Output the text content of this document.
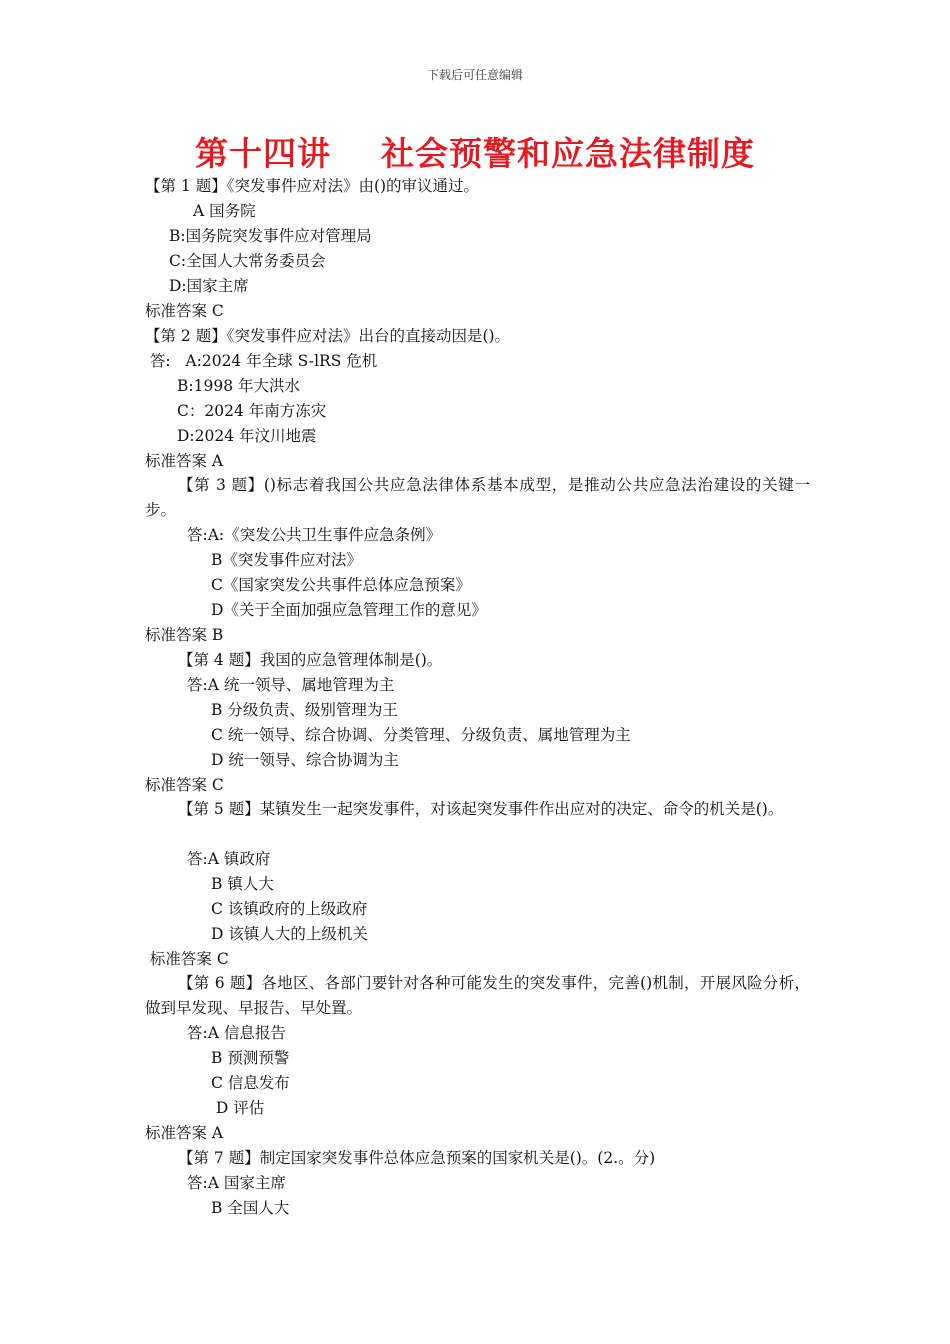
下载后可任意编辑
第十四讲    社会预警和应急法律制度
【第 1 题】《突发事件应对法》由()的审议通过。
A 国务院
B:国务院突发事件应对管理局
C:全国人大常务委员会
D:国家主席
标准答案 C
【第 2 题】《突发事件应对法》出台的直接动因是()。
答:   A:2024 年全球 S-lRS 危机
B:1998 年大洪水
C：2024 年南方冻灾
D:2024 年汶川地震
标准答案 A
【第 3 题】()标志着我国公共应急法律体系基本成型，是推动公共应急法治建设的关键一步。
答:A:《突发公共卫生事件应急条例》
B《突发事件应对法》
C《国家突发公共事件总体应急预案》
D《关于全面加强应急管理工作的意见》
标准答案 B
【第 4 题】我国的应急管理体制是()。
答:A 统一领导、属地管理为主
B 分级负责、级别管理为王
C 统一领导、综合协调、分类管理、分级负责、属地管理为主
D 统一领导、综合协调为主
标准答案 C
【第 5 题】某镇发生一起突发事件，对该起突发事件作出应对的决定、命令的机关是()。
答:A 镇政府
B 镇人大
C 该镇政府的上级政府
D 该镇人大的上级机关
标准答案 C
【第 6 题】各地区、各部门要针对各种可能发生的突发事件，完善()机制，开展风险分析，做到早发现、早报告、早处置。
答:A 信息报告
B 预测预警
C 信息发布
D 评估
标准答案 A
【第 7 题】制定国家突发事件总体应急预案的国家机关是()。(2.。分)
答:A 国家主席
B 全国人大
